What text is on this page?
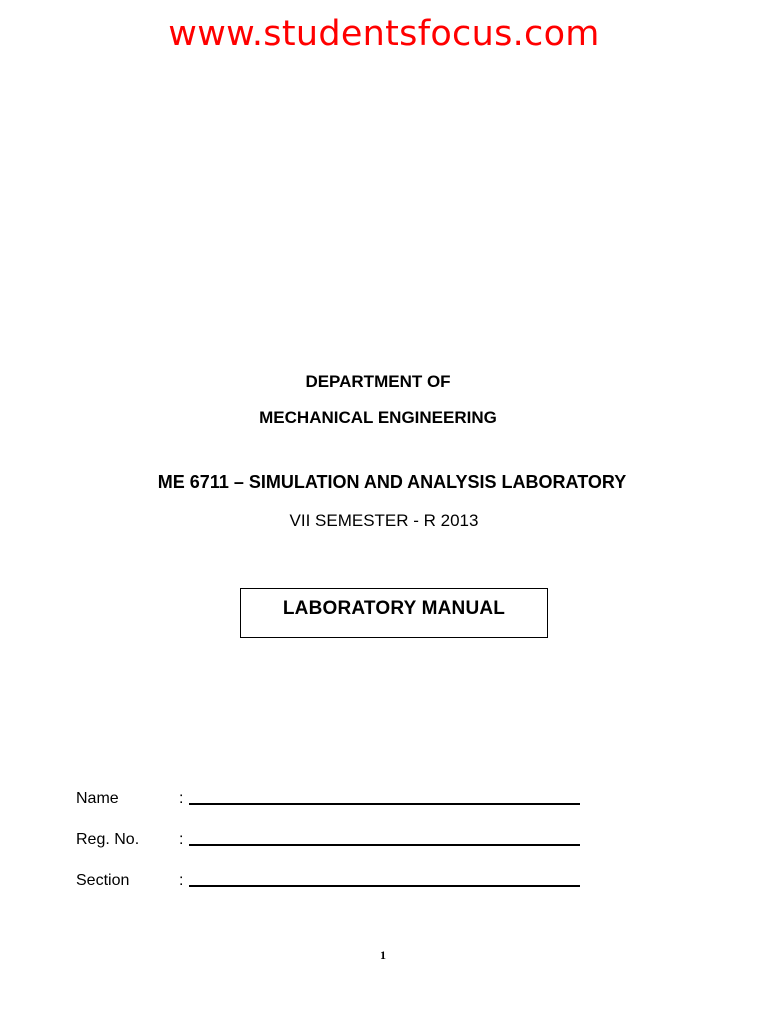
www.studentsfocus.com
DEPARTMENT OF
MECHANICAL ENGINEERING
ME 6711 – SIMULATION AND ANALYSIS LABORATORY
VII SEMESTER - R 2013
LABORATORY MANUAL
Name	:
Reg. No. :
Section	:
1
